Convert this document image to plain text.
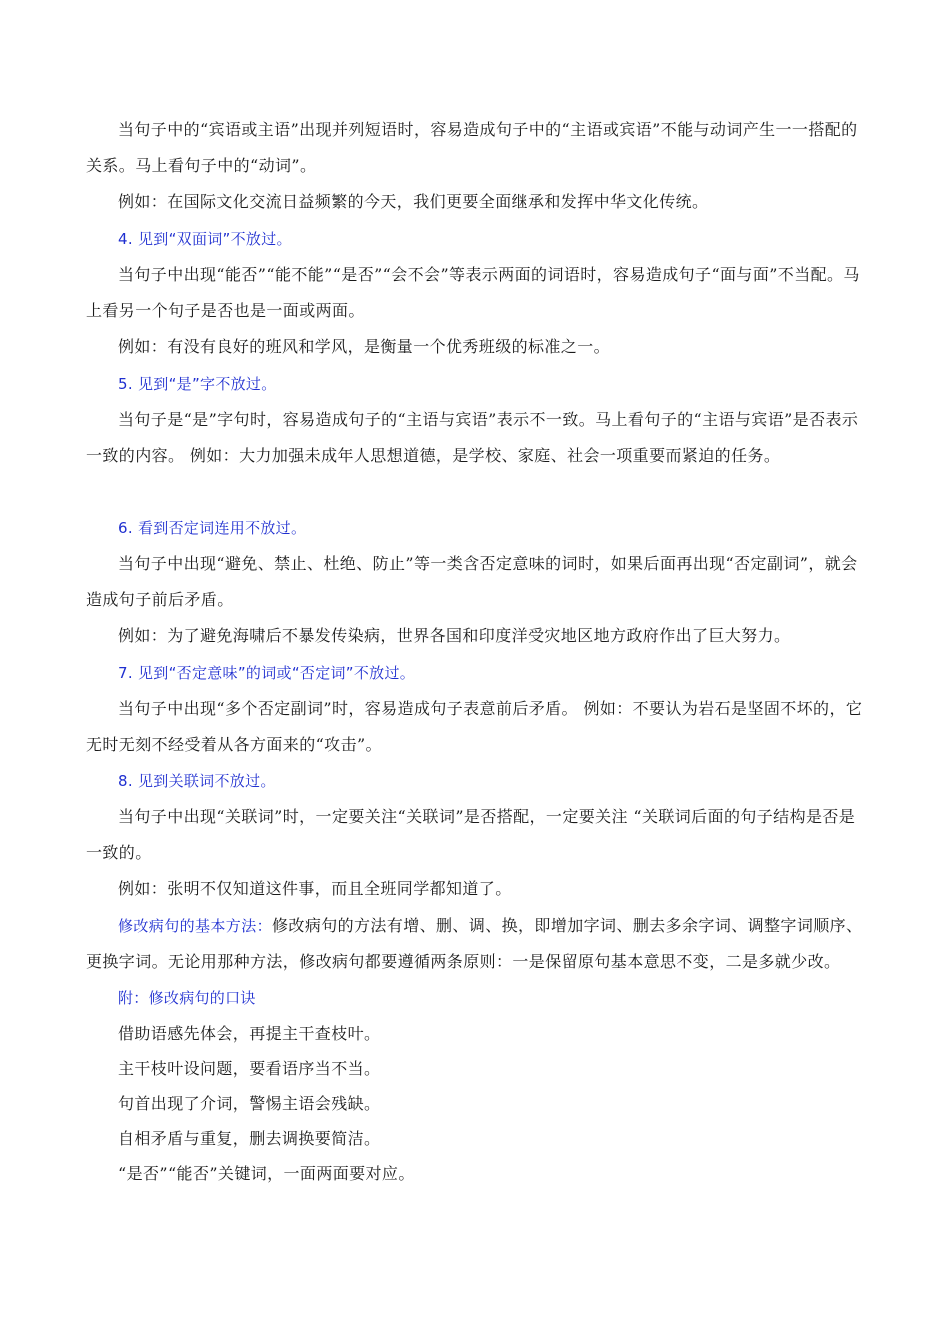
当句子中的“宾语或主语”出现并列短语时，容易造成句子中的“主语或宾语”不能与动词产生一一搭配的关系。马上看句子中的“动词”。

例如：在国际文化交流日益频繁的今天，我们更要全面继承和发挥中华文化传统。

4. 见到“双面词”不放过。

当句子中出现“能否”“能不能”“是否”“会不会”等表示两面的词语时，容易造成句子“面与面”不当配。马上看另一个句子是否也是一面或两面。

例如：有没有良好的班风和学风，是衡量一个优秀班级的标准之一。

5. 见到“是”字不放过。

当句子是“是”字句时，容易造成句子的“主语与宾语”表示不一致。马上看句子的“主语与宾语”是否表示一致的内容。 例如：大力加强未成年人思想道德，是学校、家庭、社会一项重要而紧迫的任务。

6. 看到否定词连用不放过。

当句子中出现“避免、禁止、杜绝、防止”等一类含否定意味的词时，如果后面再出现“否定副词”，就会造成句子前后矛盾。

例如：为了避免海啸后不暴发传染病，世界各国和印度洋受灾地区地方政府作出了巨大努力。

7. 见到“否定意味”的词或“否定词”不放过。

当句子中出现“多个否定副词”时，容易造成句子表意前后矛盾。 例如：不要认为岩石是坚固不坏的，它无时无刻不经受着从各方面来的“攻击”。

8. 见到关联词不放过。

当句子中出现“关联词”时，一定要关注“关联词”是否搭配，一定要关注 “关联词后面的句子结构是否是一致的。

例如：张明不仅知道这件事，而且全班同学都知道了。

修改病句的基本方法：修改病句的方法有增、删、调、换，即增加字词、删去多余字词、调整字词顺序、更换字词。无论用那种方法，修改病句都要遵循两条原则：一是保留原句基本意思不变，二是多就少改。

附：修改病句的口诀

借助语感先体会，再提主干查枝叶。

主干枝叶设问题，要看语序当不当。

句首出现了介词，警惕主语会残缺。

自相矛盾与重复，删去调换要简洁。

“是否”“能否”关键词，一面两面要对应。
